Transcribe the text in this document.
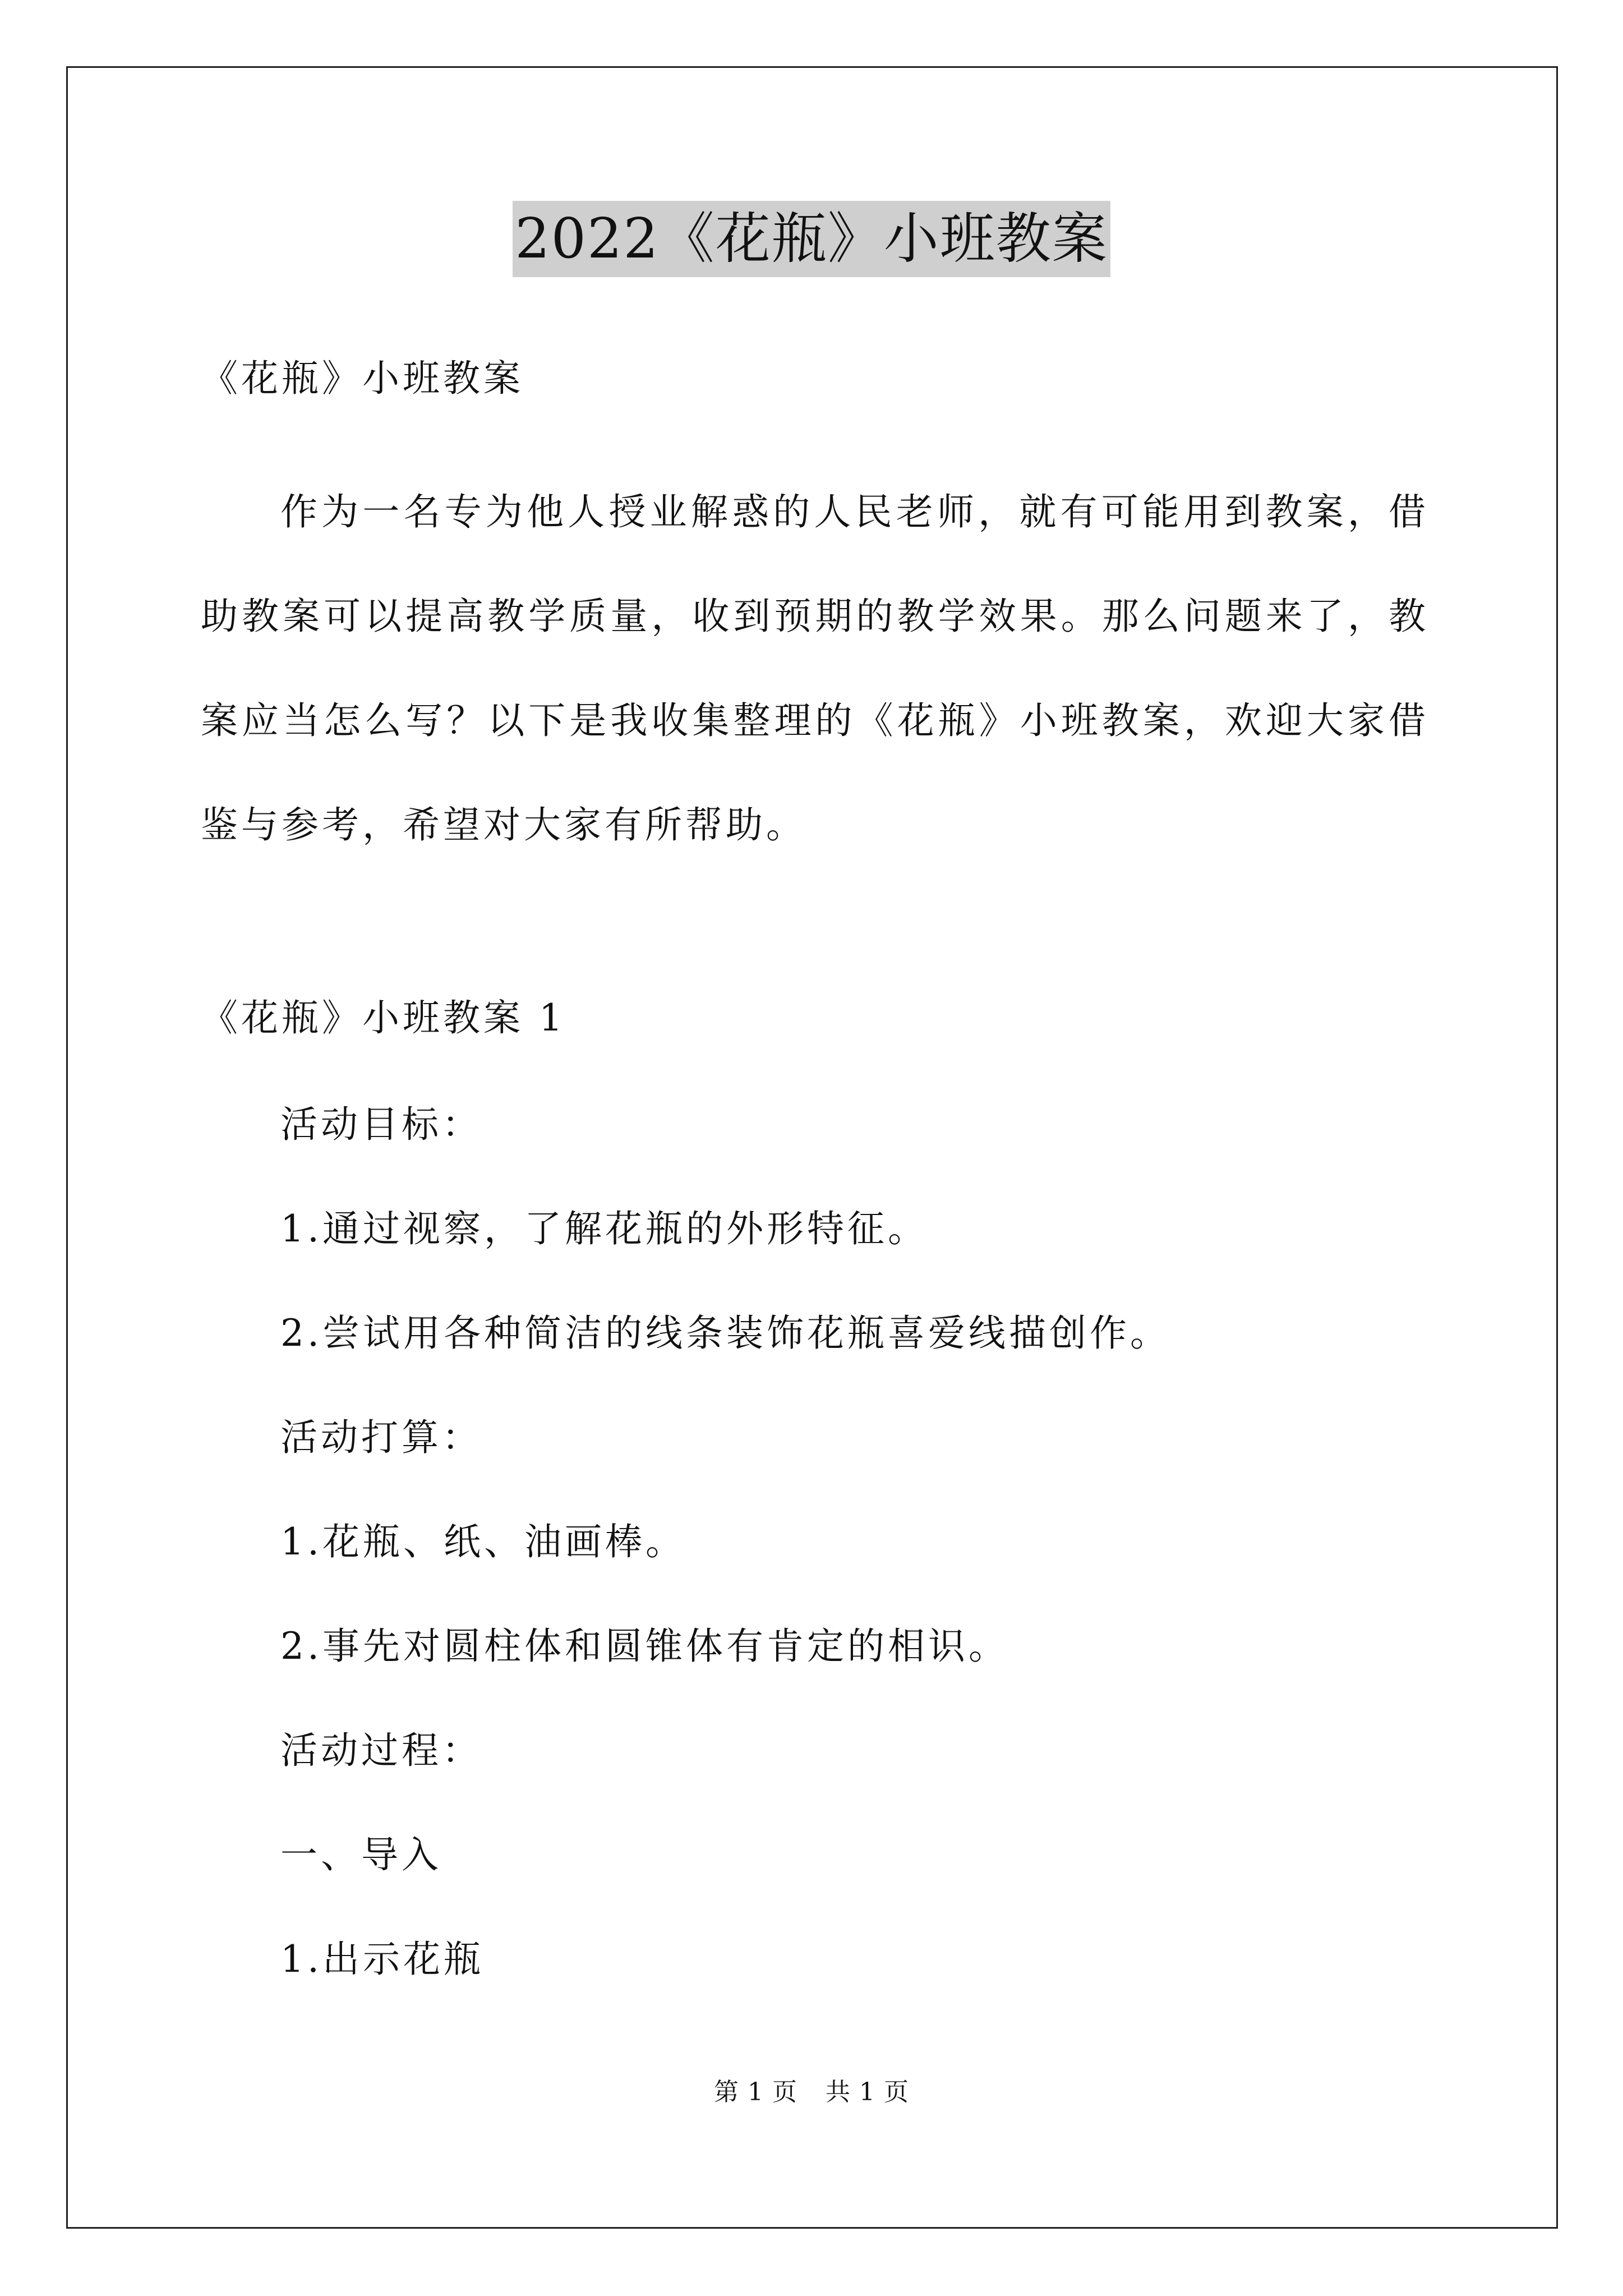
2022《花瓶》小班教案
《花瓶》小班教案
作为一名专为他人授业解惑的人民老师，就有可能用到教案，借助教案可以提高教学质量，收到预期的教学效果。那么问题来了，教案应当怎么写？以下是我收集整理的《花瓶》小班教案，欢迎大家借鉴与参考，希望对大家有所帮助。
《花瓶》小班教案 1
活动目标：
1.通过视察，了解花瓶的外形特征。
2.尝试用各种简洁的线条装饰花瓶喜爱线描创作。
活动打算：
1.花瓶、纸、油画棒。
2.事先对圆柱体和圆锥体有肯定的相识。
活动过程：
一、导入
1.出示花瓶
第 1 页 共 1 页
